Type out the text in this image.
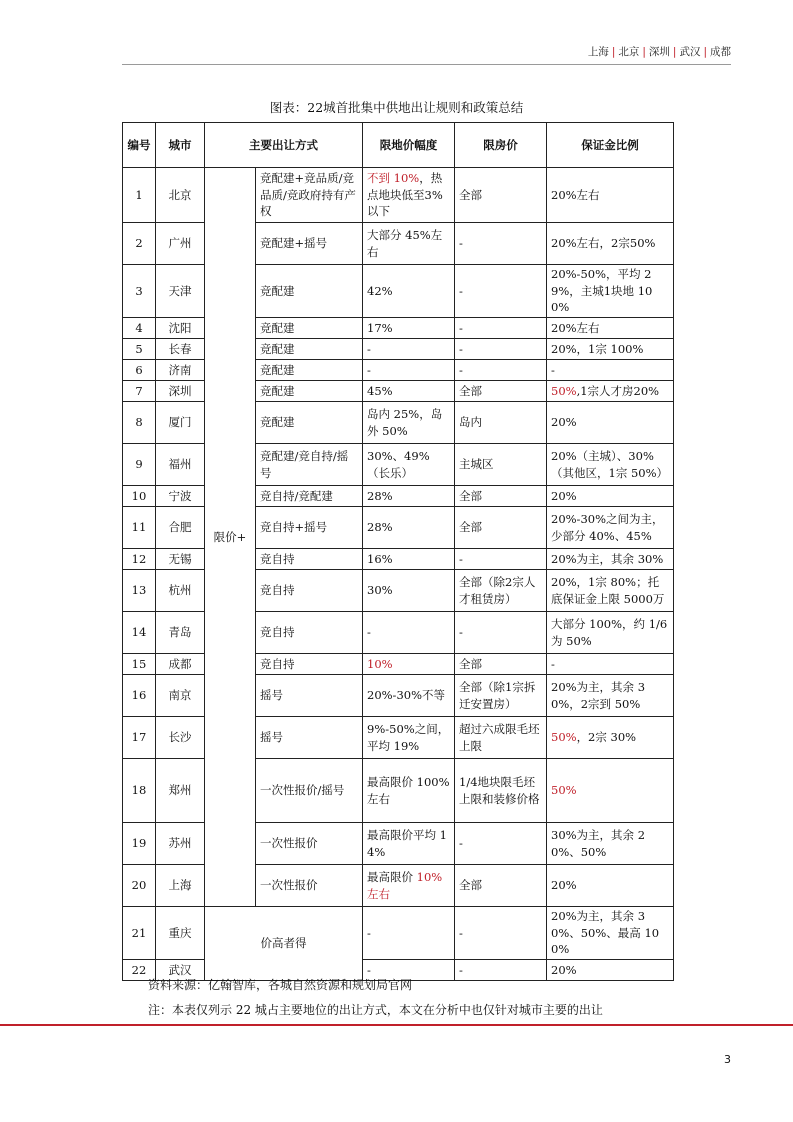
上海 | 北京 | 深圳 | 武汉 | 成都
图表：22城首批集中供地出让规则和政策总结
编号	城市	主要出让方式		限地价幅度	限房价	保证金比例
1	北京	限价+	竞配建+竞品质/竞品质/竞政府持有产权	不到 10%，热点地块低至3%以下	全部	20%左右
2	广州		竞配建+摇号	大部分 45%左右	-	20%左右，2宗50%
3	天津		竞配建	42%	-	20%-50%，平均 29%，主城1块地 100%
4	沈阳		竞配建	17%	-	20%左右
5	长春		竞配建	-	-	20%，1宗 100%
6	济南		竞配建	-	-	-
7	深圳		竞配建	45%	全部	50%,1宗人才房20%
8	厦门		竞配建	岛内 25%，岛外 50%	岛内	20%
9	福州		竞配建/竞自持/摇号	30%、49%（长乐）	主城区	20%（主城）、30%（其他区，1宗 50%）
10	宁波		竞自持/竞配建	28%	全部	20%
11	合肥		竞自持+摇号	28%	全部	20%-30%之间为主，少部分 40%、45%
12	无锡		竞自持	16%	-	20%为主，其余 30%
13	杭州		竞自持	30%	全部（除2宗人才租赁房）	20%，1宗 80%；托底保证金上限 5000万
14	青岛		竞自持	-	-	大部分 100%，约 1/6为 50%
15	成都		竞自持	10%	全部	-
16	南京		摇号	20%-30%不等	全部（除1宗拆迁安置房）	20%为主，其余 30%，2宗到 50%
17	长沙		摇号	9%-50%之间，平均 19%	超过六成限毛坯上限	50%，2宗 30%
18	郑州		一次性报价/摇号	最高限价 100%左右	1/4地块限毛坯上限和装修价格	50%
19	苏州		一次性报价	最高限价平均 14%	-	30%为主，其余 20%、50%
20	上海		一次性报价	最高限价 10%左右	全部	20%
21	重庆	价高者得		-	-	20%为主，其余 30%、50%、最高 100%
22	武汉			-	-	20%
资料来源：亿翰智库，各城自然资源和规划局官网
注：本表仅列示 22 城占主要地位的出让方式，本文在分析中也仅针对城市主要的出让
3
